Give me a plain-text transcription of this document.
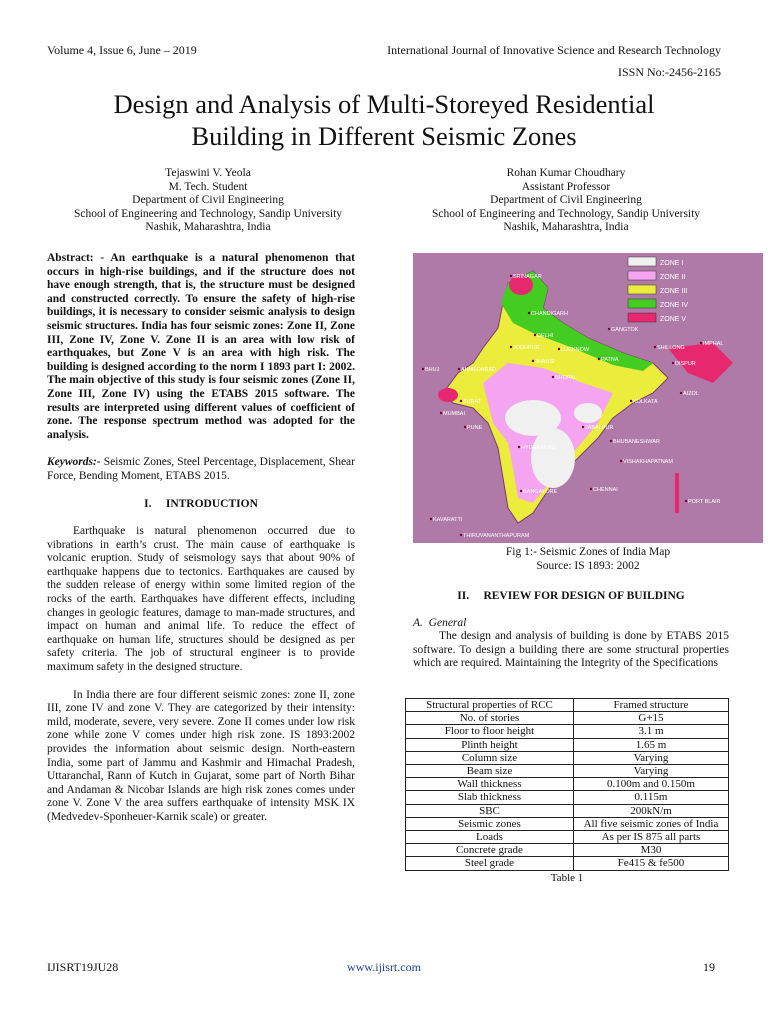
Volume 4, Issue 6, June – 2019	International Journal of Innovative Science and Research Technology
ISSN No:-2456-2165
Design and Analysis of Multi-Storeyed Residential
Building in Different Seismic Zones
Tejaswini V. Yeola
M. Tech. Student
Department of Civil Engineering
School of Engineering and Technology, Sandip University
Nashik, Maharashtra, India
Rohan Kumar Choudhary
Assistant Professor
Department of Civil Engineering
School of Engineering and Technology, Sandip University
Nashik, Maharashtra, India

Abstract: - An earthquake is a natural phenomenon that occurs in high-rise buildings, and if the structure does not have enough strength, that is, the structure must be designed and constructed correctly. To ensure the safety of high-rise buildings, it is necessary to consider seismic analysis to design seismic structures. India has four seismic zones: Zone II, Zone III, Zone IV, Zone V. Zone II is an area with low risk of earthquakes, but Zone V is an area with high risk. The building is designed according to the norm I 1893 part I: 2002. The main objective of this study is four seismic zones (Zone II, Zone III, Zone IV) using the ETABS 2015 software. The results are interpreted using different values of coefficient of zone. The response spectrum method was adopted for the analysis.

Keywords:- Seismic Zones, Steel Percentage, Displacement, Shear Force, Bending Moment, ETABS 2015.

I. INTRODUCTION

Earthquake is natural phenomenon occurred due to vibrations in earth’s crust. The main cause of earthquake is volcanic eruption. Study of seismology says that about 90% of earthquake happens due to tectonics. Earthquakes are caused by the sudden release of energy within some limited region of the rocks of the earth. Earthquakes have different effects, including changes in geologic features, damage to man-made structures, and impact on human and animal life. To reduce the effect of earthquake on human life, structures should be designed as per safety criteria. The job of structural engineer is to provide maximum safety in the designed structure.

In India there are four different seismic zones: zone II, zone III, zone IV and zone V. They are categorized by their intensity: mild, moderate, severe, very severe. Zone II comes under low risk zone while zone V comes under high risk zone. IS 1893:2002 provides the information about seismic design. North-eastern India, some part of Jammu and Kashmir and Himachal Pradesh, Uttaranchal, Rann of Kutch in Gujarat, some part of North Bihar and Andaman & Nicobar Islands are high risk zones comes under zone V. Zone V the area suffers earthquake of intensity MSK IX (Medvedev-Sponheuer-Karnik scale) or greater.

ZONE I
ZONE II
ZONE III
ZONE IV
ZONE V
SRINAGAR
CHANDIGARH
DELHI
JODHPUR	LUCKNOW
JHANSI
GANGTOK
SHILLONG
DISPUR
IMPHAL
AIZOL
PATNA
KOLKATA
BHOPAL
AHMEDABAD
BHUJ
SURAT
MUMBAI
PUNE	JABALPUR
BHUBANESHWAR
HYDERABAD
VISHAKHAPATNAM
BANGALORE	CHENNAI
PORT BLAIR
THIRUVANANTHAPURAM
KAVARATTI
Fig 1:- Seismic Zones of India Map
Source: IS 1893: 2002

II. REVIEW FOR DESIGN OF BUILDING

A. General

The design and analysis of building is done by ETABS 2015 software. To design a building there are some structural properties which are required. Maintaining the Integrity of the Specifications

Structural properties of RCC	Framed structure
No. of stories	G+15
Floor to floor height	3.1 m
Plinth height	1.65 m
Column size	Varying
Beam size	Varying
Wall thickness	0.100m and 0.150m
Slab thickness	0.115m
SBC	200kN/m
Seismic zones	All five seismic zones of India
Loads	As per IS 875 all parts
Concrete grade	M30
Steel grade	Fe415 & fe500
Table 1
IJISRT19JU28	www.ijisrt.com	19
